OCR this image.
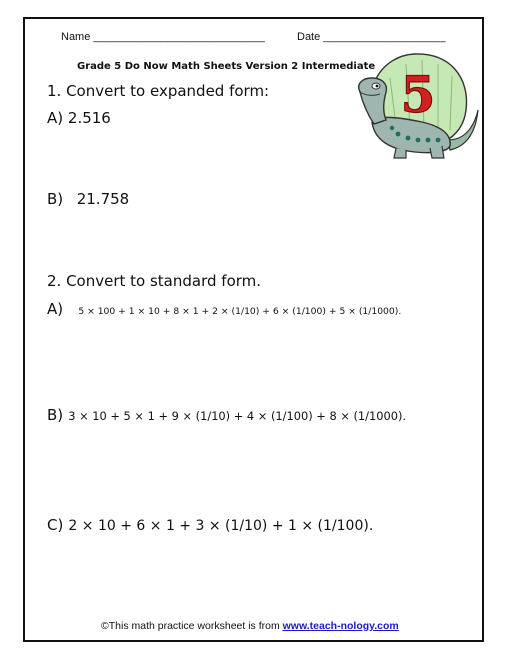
Name ____________________________	Date ____________________
Grade 5 Do Now Math Sheets Version 2 Intermediate 5
1. Convert to expanded form:
A) 2.516
B) 21.758
2. Convert to standard form.
A) 5 × 100 + 1 × 10 + 8 × 1 + 2 × (1/10) + 6 × (1/100) + 5 × (1/1000).
B) 3 × 10 + 5 × 1 + 9 × (1/10) + 4 × (1/100) + 8 × (1/1000).
C) 2 × 10 + 6 × 1 + 3 × (1/10) + 1 × (1/100).
©This math practice worksheet is from www.teach-nology.com
